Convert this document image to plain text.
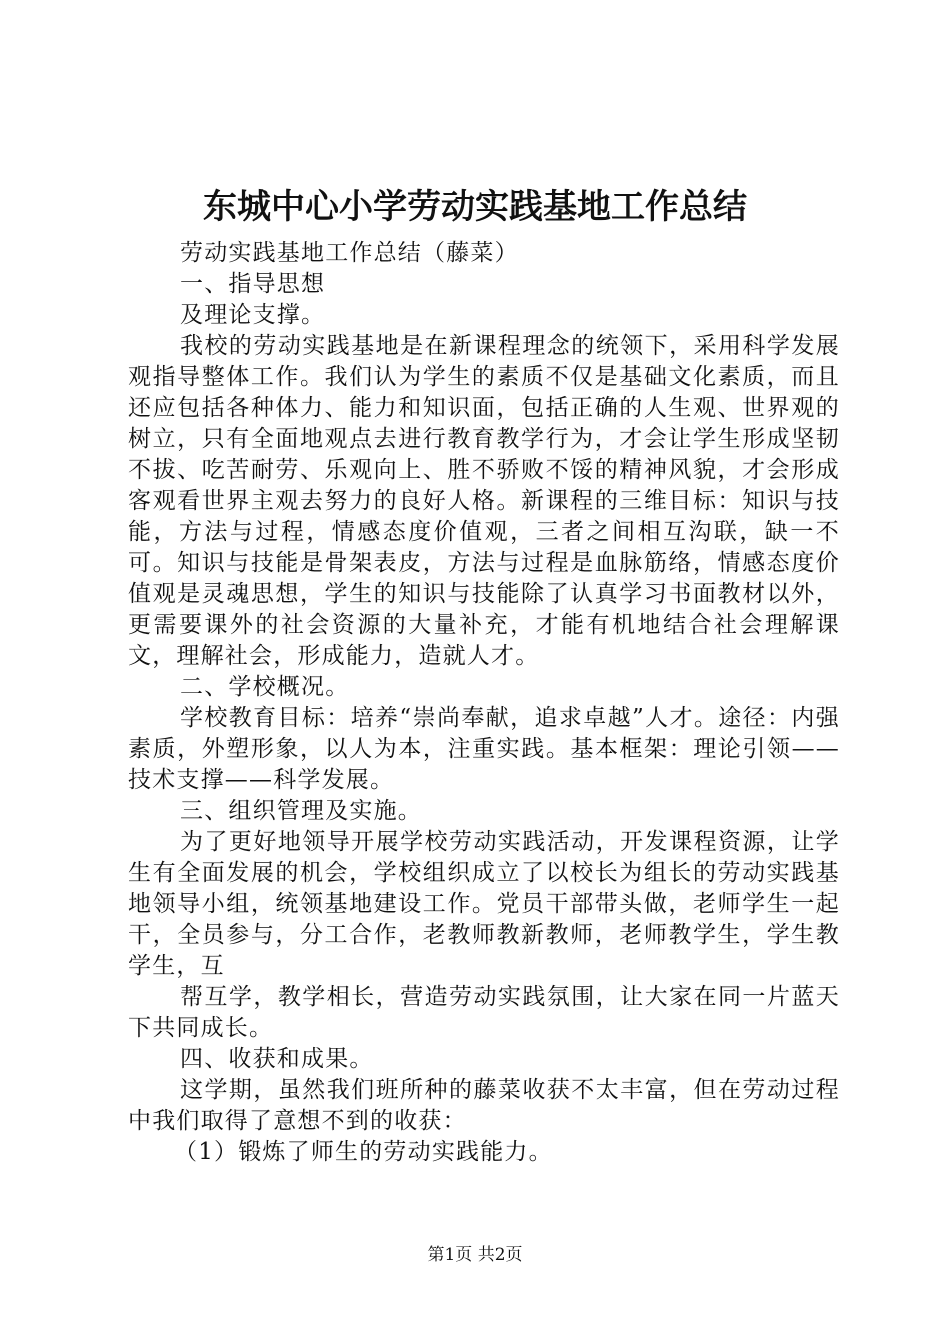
东城中心小学劳动实践基地工作总结

劳动实践基地工作总结（藤菜）

一、指导思想

及理论支撑。

我校的劳动实践基地是在新课程理念的统领下，采用科学发展观指导整体工作。我们认为学生的素质不仅是基础文化素质，而且还应包括各种体力、能力和知识面，包括正确的人生观、世界观的树立，只有全面地观点去进行教育教学行为，才会让学生形成坚韧不拔、吃苦耐劳、乐观向上、胜不骄败不馁的精神风貌，才会形成客观看世界主观去努力的良好人格。新课程的三维目标：知识与技能，方法与过程，情感态度价值观，三者之间相互沟联，缺一不可。知识与技能是骨架表皮，方法与过程是血脉筋络，情感态度价值观是灵魂思想，学生的知识与技能除了认真学习书面教材以外，更需要课外的社会资源的大量补充，才能有机地结合社会理解课文，理解社会，形成能力，造就人才。

二、学校概况。

学校教育目标：培养“崇尚奉献，追求卓越”人才。途径：内强素质，外塑形象，以人为本，注重实践。基本框架：理论引领——技术支撑——科学发展。

三、组织管理及实施。

为了更好地领导开展学校劳动实践活动，开发课程资源，让学生有全面发展的机会，学校组织成立了以校长为组长的劳动实践基地领导小组，统领基地建设工作。党员干部带头做，老师学生一起干，全员参与，分工合作，老教师教新教师，老师教学生，学生教学生，互

帮互学，教学相长，营造劳动实践氛围，让大家在同一片蓝天下共同成长。

四、收获和成果。

这学期，虽然我们班所种的藤菜收获不太丰富，但在劳动过程中我们取得了意想不到的收获：

（1）锻炼了师生的劳动实践能力。

第1页 共2页
